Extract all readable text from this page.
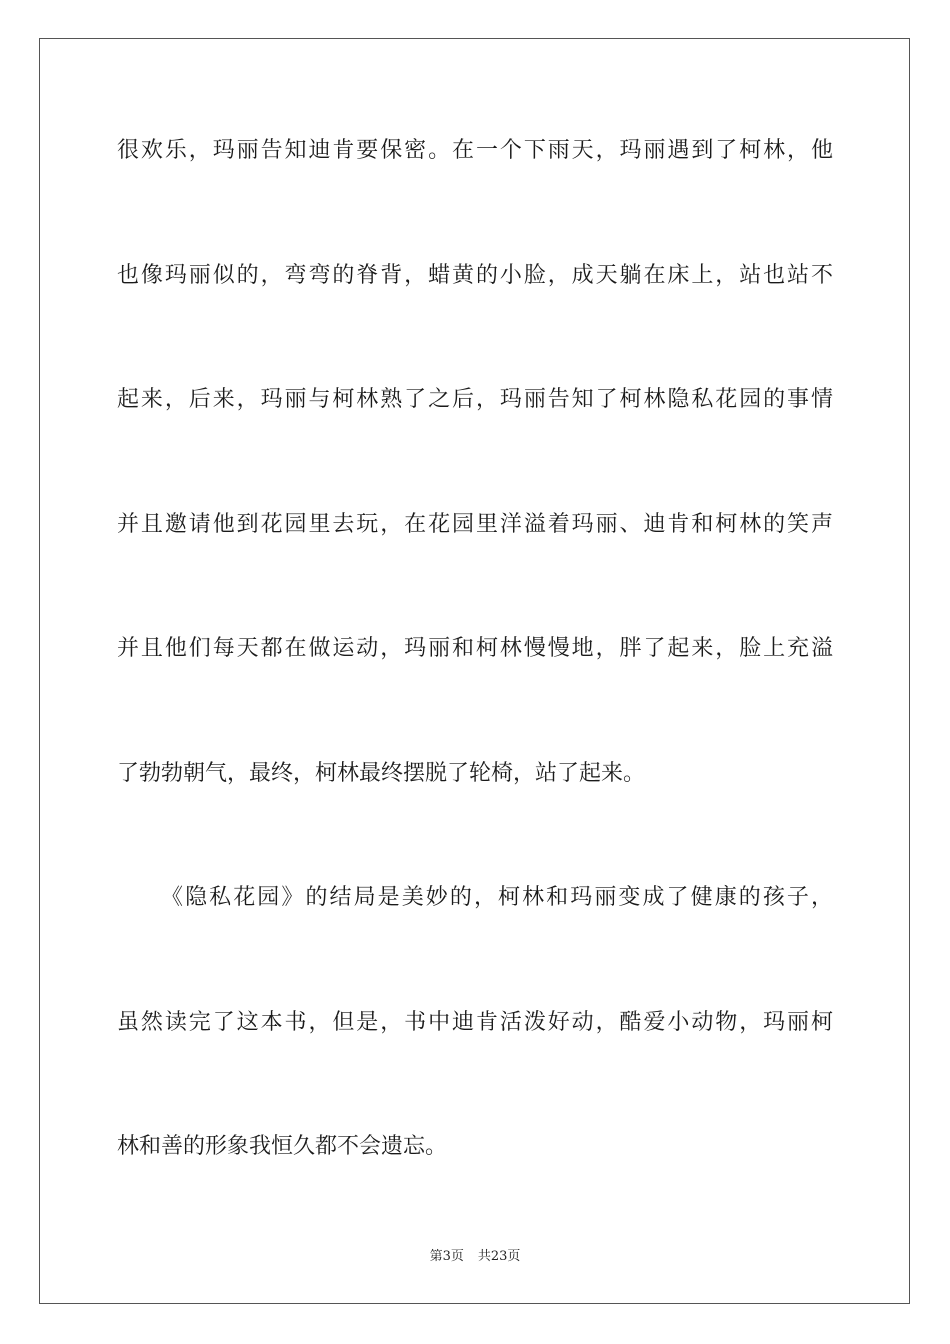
很欢乐，玛丽告知迪肯要保密。在一个下雨天，玛丽遇到了柯林，他
也像玛丽似的，弯弯的脊背，蜡黄的小脸，成天躺在床上，站也站不
起来，后来，玛丽与柯林熟了之后，玛丽告知了柯林隐私花园的事情
并且邀请他到花园里去玩，在花园里洋溢着玛丽、迪肯和柯林的笑声
并且他们每天都在做运动，玛丽和柯林慢慢地，胖了起来，脸上充溢
了勃勃朝气，最终，柯林最终摆脱了轮椅，站了起来。
《隐私花园》的结局是美妙的，柯林和玛丽变成了健康的孩子，
虽然读完了这本书，但是，书中迪肯活泼好动，酷爱小动物，玛丽柯
林和善的形象我恒久都不会遗忘。
第3页 共23页
